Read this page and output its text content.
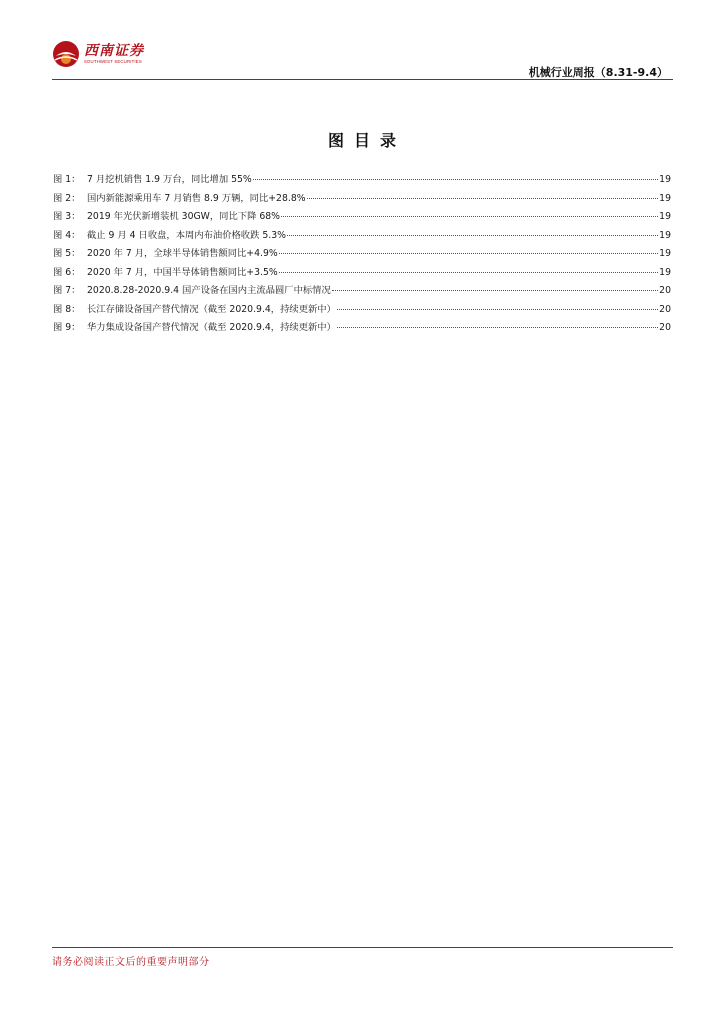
西南证券
SOUTHWEST SECURITIES
机械行业周报（8.31-9.4）
图目录
图 1： 7 月挖机销售 1.9 万台，同比增加 55%	19
图 2： 国内新能源乘用车 7 月销售 8.9 万辆，同比+28.8%	19
图 3： 2019 年光伏新增装机 30GW，同比下降 68%	19
图 4： 截止 9 月 4 日收盘，本周内布油价格收跌 5.3%	19
图 5： 2020 年 7 月，全球半导体销售额同比+4.9%	19
图 6： 2020 年 7 月，中国半导体销售额同比+3.5%	19
图 7： 2020.8.28-2020.9.4 国产设备在国内主流晶圆厂中标情况	20
图 8： 长江存储设备国产替代情况（截至 2020.9.4，持续更新中）	20
图 9： 华力集成设备国产替代情况（截至 2020.9.4，持续更新中）	20
请务必阅读正文后的重要声明部分
